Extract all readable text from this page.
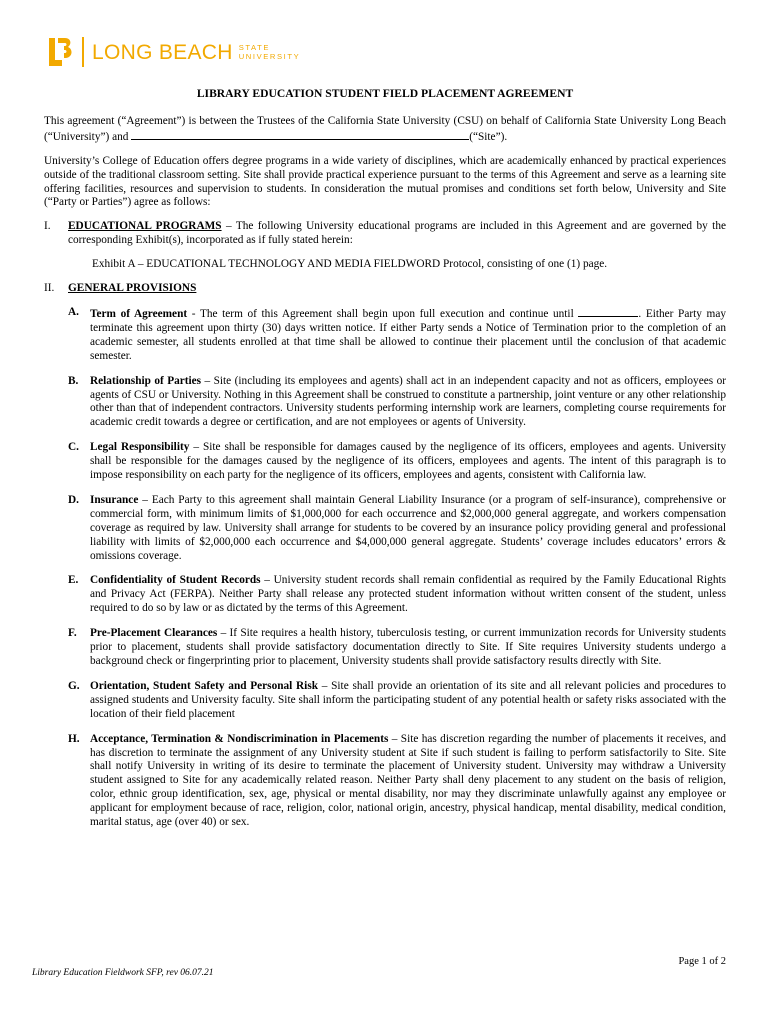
LONG BEACH STATE
UNIVERSITY
LIBRARY EDUCATION STUDENT FIELD PLACEMENT AGREEMENT

This agreement (“Agreement”) is between the Trustees of the California State University (CSU) on behalf of California State University Long Beach (“University”) and	(“Site”).

University’s College of Education offers degree programs in a wide variety of disciplines, which are academically enhanced by practical experiences outside of the traditional classroom setting. Site shall provide practical experience pursuant to the terms of this Agreement and serve as a learning site offering facilities, resources and supervision to students. In consideration the mutual promises and conditions set forth below, University and Site (“Party or Parties”) agree as follows:

I.	EDUCATIONAL PROGRAMS – The following University educational programs are included in this Agreement and are governed by the corresponding Exhibit(s), incorporated as if fully stated herein:
Exhibit A – EDUCATIONAL TECHNOLOGY AND MEDIA FIELDWORD Protocol, consisting of one (1) page.
II.	GENERAL PROVISIONS
A. Term of Agreement - The term of this Agreement shall begin upon full execution and continue until	. Either Party may terminate this agreement upon thirty (30) days written notice. If either Party sends a Notice of Termination prior to the completion of an academic semester, all students enrolled at that time shall be allowed to continue their placement until the conclusion of that academic semester.
B.	Relationship of Parties – Site (including its employees and agents) shall act in an independent capacity and not as officers, employees or agents of CSU or University. Nothing in this Agreement shall be construed to constitute a partnership, joint venture or any other relationship other than that of independent contractors. University students performing internship work are learners, completing course requirements for academic credit towards a degree or certification, and are not employees or agents of University.
C. Legal Responsibility – Site shall be responsible for damages caused by the negligence of its officers, employees and agents. University shall be responsible for the damages caused by the negligence of its officers, employees and agents. The intent of this paragraph is to impose responsibility on each party for the negligence of its officers, employees and agents, consistent with California law.
D. Insurance – Each Party to this agreement shall maintain General Liability Insurance (or a program of self-insurance), comprehensive or commercial form, with minimum limits of $1,000,000 for each occurrence and $2,000,000 general aggregate, and workers compensation coverage as required by law. University shall arrange for students to be covered by an insurance policy providing general and professional liability with limits of $2,000,000 each occurrence and $4,000,000 general aggregate. Students’ coverage includes educators’ errors & omissions coverage.
E.	Confidentiality of Student Records – University student records shall remain confidential as required by the Family Educational Rights and Privacy Act (FERPA). Neither Party shall release any protected student information without written consent of the student, unless required to do so by law or as dictated by the terms of this Agreement.
F.	Pre-Placement Clearances – If Site requires a health history, tuberculosis testing, or current immunization records for University students prior to placement, students shall provide satisfactory documentation directly to Site. If Site requires University students undergo a background check or fingerprinting prior to placement, University students shall provide satisfactory results directly with Site.
G. Orientation, Student Safety and Personal Risk – Site shall provide an orientation of its site and all relevant policies and procedures to assigned students and University faculty. Site shall inform the participating student of any potential health or safety risks associated with the location of their field placement
H. Acceptance, Termination & Nondiscrimination in Placements – Site has discretion regarding the number of placements it receives, and has discretion to terminate the assignment of any University student at Site if such student is failing to perform satisfactorily to Site. Site shall notify University in writing of its desire to terminate the placement of University student. University may withdraw a University student assigned to Site for any academically related reason. Neither Party shall deny placement to any student on the basis of religion, color, ethnic group identification, sex, age, physical or mental disability, nor may they discriminate unlawfully against any employee or applicant for employment because of race, religion, color, national origin, ancestry, physical handicap, mental disability, medical condition, marital status, age (over 40) or sex.
Page 1 of 2
Library Education Fieldwork SFP, rev 06.07.21
